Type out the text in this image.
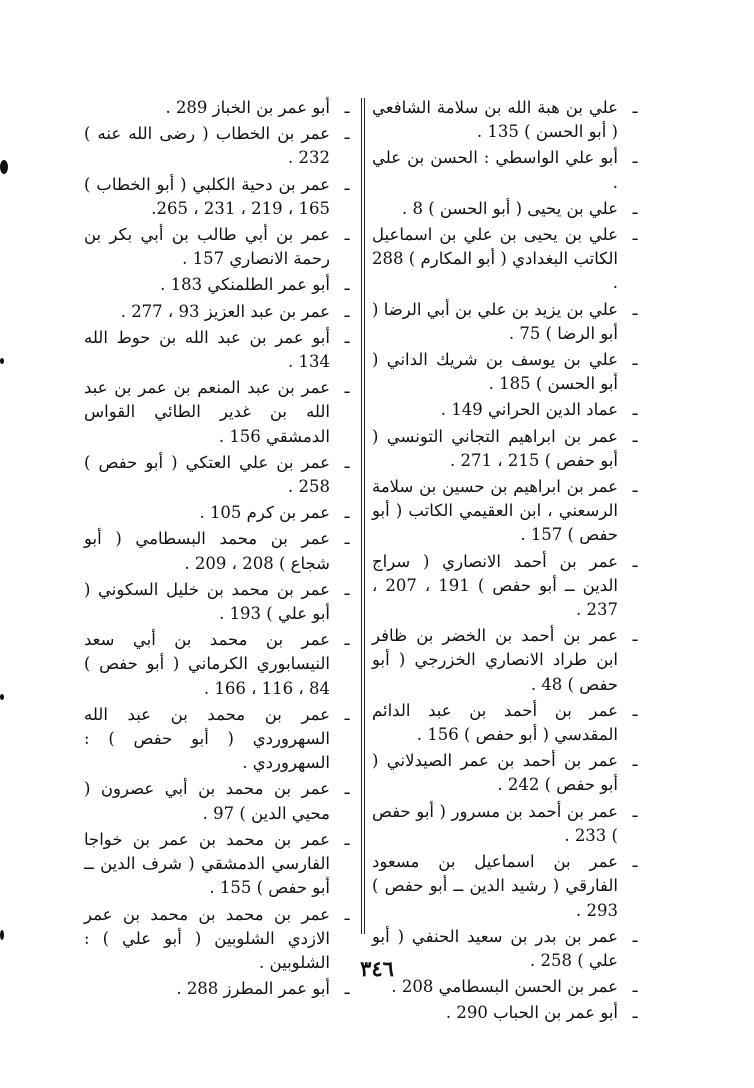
ـ
علي بن هبة الله بن سلامة الشافعي ( أبو الحسن ) 135 .
ـ
أبو علي الواسطي : الحسن بن علي .
ـ
علي بن يحيى ( أبو الحسن ) 8 .
ـ
علي بن يحيى بن علي بن اسماعيل الكاتب البغدادي ( أبو المكارم ) 288 .
ـ
علي بن يزيد بن علي بن أبي الرضا ( أبو الرضا ) 75 .
ـ
علي بن يوسف بن شريك الداني ( أبو الحسن ) 185 .
ـ
عماد الدين الحراني 149 .
ـ
عمر بن ابراهيم التجاني التونسي ( أبو حفص ) 215 ، 271 .
ـ
عمر بن ابراهيم بن حسين بن سلامة الرسعني ، ابن العقيمي الكاتب ( أبو حفص ) 157 .
ـ
عمر بن أحمد الانصاري ( سراج الدين ــ أبو حفص ) 191 ، 207 ، 237 .
ـ
عمر بن أحمد بن الخضر بن ظافر ابن طراد الانصاري الخزرجي ( أبو حفص ) 48 .
ـ
عمر بن أحمد بن عبد الدائم المقدسي ( أبو حفص ) 156 .
ـ
عمر بن أحمد بن عمر الصيدلاني ( أبو حفص ) 242 .
ـ
عمر بن أحمد بن مسرور ( أبو حفص ) 233 .
ـ
عمر بن اسماعيل بن مسعود الفارقي ( رشيد الدين ــ أبو حفص ) 293 .
ـ
عمر بن بدر بن سعيد الحنفي ( أبو علي ) 258 .
ـ
عمر بن الحسن البسطامي 208 .
ـ
أبو عمر بن الحباب 290 .
ـ
أبو عمر بن الخباز 289 .
ـ
عمر بن الخطاب ( رضى الله عنه ) 232 .
ـ
عمر بن دحية الكلبي ( أبو الخطاب ) 165 ، 219 ، 231 ، 265.
ـ
عمر بن أبي طالب بن أبي بكر بن رحمة الانصاري 157 .
ـ
أبو عمر الطلمنكي 183 .
ـ
عمر بن عبد العزيز 93 ، 277 .
ـ
أبو عمر بن عبد الله بن حوط الله 134 .
ـ
عمر بن عبد المنعم بن عمر بن عبد الله بن غدير الطائي القواس الدمشقي 156 .
ـ
عمر بن علي العتكي ( أبو حفص ) 258 .
ـ
عمر بن كرم 105 .
ـ
عمر بن محمد البسطامي ( أبو شجاع ) 208 ، 209 .
ـ
عمر بن محمد بن خليل السكوني ( أبو علي ) 193 .
ـ
عمر بن محمد بن أبي سعد النيسابوري الكرماني ( أبو حفص ) 84 ، 116 ، 166 .
ـ
عمر بن محمد بن عبد الله السهروردي ( أبو حفص ) : السهروردي .
ـ
عمر بن محمد بن أبي عصرون ( محيي الدين ) 97 .
ـ
عمر بن محمد بن عمر بن خواجا الفارسي الدمشقي ( شرف الدين ــ أبو حفص ) 155 .
ـ
عمر بن محمد بن محمد بن عمر الازدي الشلوبين ( أبو علي ) : الشلوبين .
ـ
أبو عمر المطرز 288 .
٣٤٦
